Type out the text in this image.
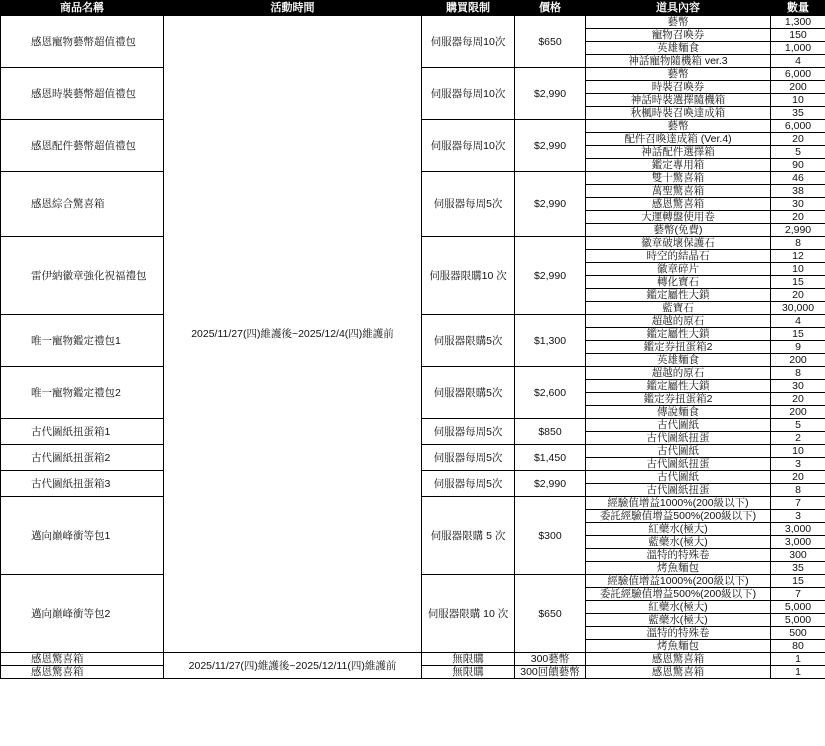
商品名稱	活動時間	購買限制	價格	道具內容	數量
感恩寵物藝幣超值禮包	2025/11/27(四)維護後~2025/12/4(四)維護前	伺服器每周10次	$650	藝幣	1,300
				寵物召喚券	150
				英雄麵食	1,000
				神話寵物隨機箱 ver.3	4
感恩時裝藝幣超值禮包		伺服器每周10次	$2,990	藝幣	6,000
				時裝召喚券	200
				神話時裝選擇隨機箱	10
				秋楓時裝召喚達成箱	35
感恩配件藝幣超值禮包		伺服器每周10次	$2,990	藝幣	6,000
				配件召喚達成箱 (Ver.4)	20
				神話配件選擇箱	5
				鑑定專用箱	90
感恩綜合驚喜箱		伺服器每周5次	$2,990	雙十驚喜箱	46
				萬聖驚喜箱	38
				感恩驚喜箱	30
				大運轉盤使用卷	20
				藝幣(免費)	2,990
雷伊納徽章強化祝福禮包		伺服器限購10 次	$2,990	徽章破壞保護石	8
				時空的結晶石	12
				徽章碎片	10
				轉化寶石	15
				鑑定屬性大鎖	20
				藍寶石	30,000
唯一寵物鑑定禮包1		伺服器限購5次	$1,300	超越的原石	4
				鑑定屬性大鎖	15
				鑑定券扭蛋箱2	9
				英雄麵食	200
唯一寵物鑑定禮包2		伺服器限購5次	$2,600	超越的原石	8
				鑑定屬性大鎖	30
				鑑定券扭蛋箱2	20
				傳說麵食	200
古代圖紙扭蛋箱1		伺服器每周5次	$850	古代圖紙	5
				古代圖紙扭蛋	2
古代圖紙扭蛋箱2		伺服器每周5次	$1,450	古代圖紙	10
				古代圖紙扭蛋	3
古代圖紙扭蛋箱3		伺服器每周5次	$2,990	古代圖紙	20
				古代圖紙扭蛋	8
邁向巔峰衝等包1		伺服器限購 5 次	$300	經驗值增益1000%(200級以下)	7
				委託經驗值增益500%(200級以下)	3
				紅藥水(極大)	3,000
				藍藥水(極大)	3,000
				溫特的特殊卷	300
				烤魚麵包	35
邁向巔峰衝等包2		伺服器限購 10 次	$650	經驗值增益1000%(200級以下)	15
				委託經驗值增益500%(200級以下)	7
				紅藥水(極大)	5,000
				藍藥水(極大)	5,000
				溫特的特殊卷	500
				烤魚麵包	80
感恩驚喜箱	2025/11/27(四)維護後~2025/12/11(四)維護前	無限購	300藝幣	感恩驚喜箱	1
感恩驚喜箱		無限購	300回饋藝幣	感恩驚喜箱	1
